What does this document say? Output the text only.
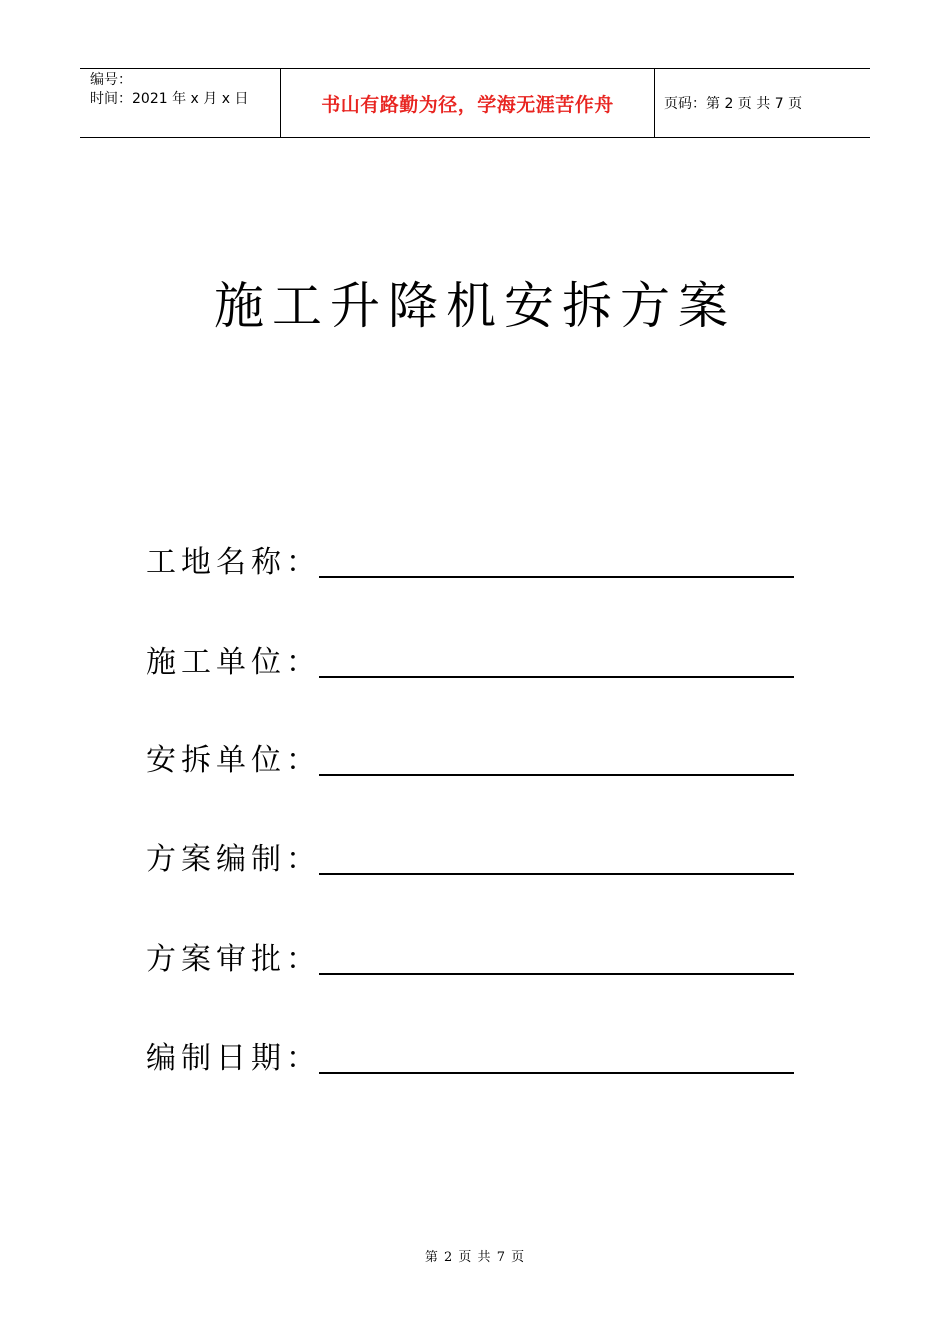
编号：
时间：2021 年 x 月 x 日	书山有路勤为径，学海无涯苦作舟	页码：第 2 页 共 7 页
施工升降机安拆方案
工地名称：
施工单位：
安拆单位：
方案编制：
方案审批：
编制日期：
第 2 页 共 7 页
